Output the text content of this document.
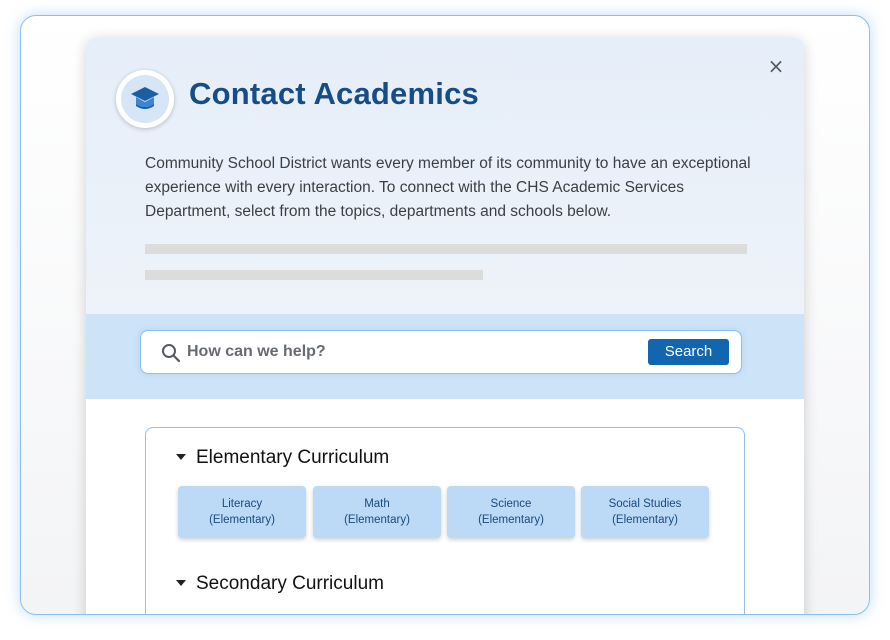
×
Contact Academics

Community School District wants every member of its community to have an exceptional experience with every interaction. To connect with the CHS Academic Services Department, select from the topics, departments and schools below.

How can we help?
Search
Elementary Curriculum
Literacy
(Elementary)
Math
(Elementary)
Science
(Elementary)
Social Studies
(Elementary)
Secondary Curriculum
